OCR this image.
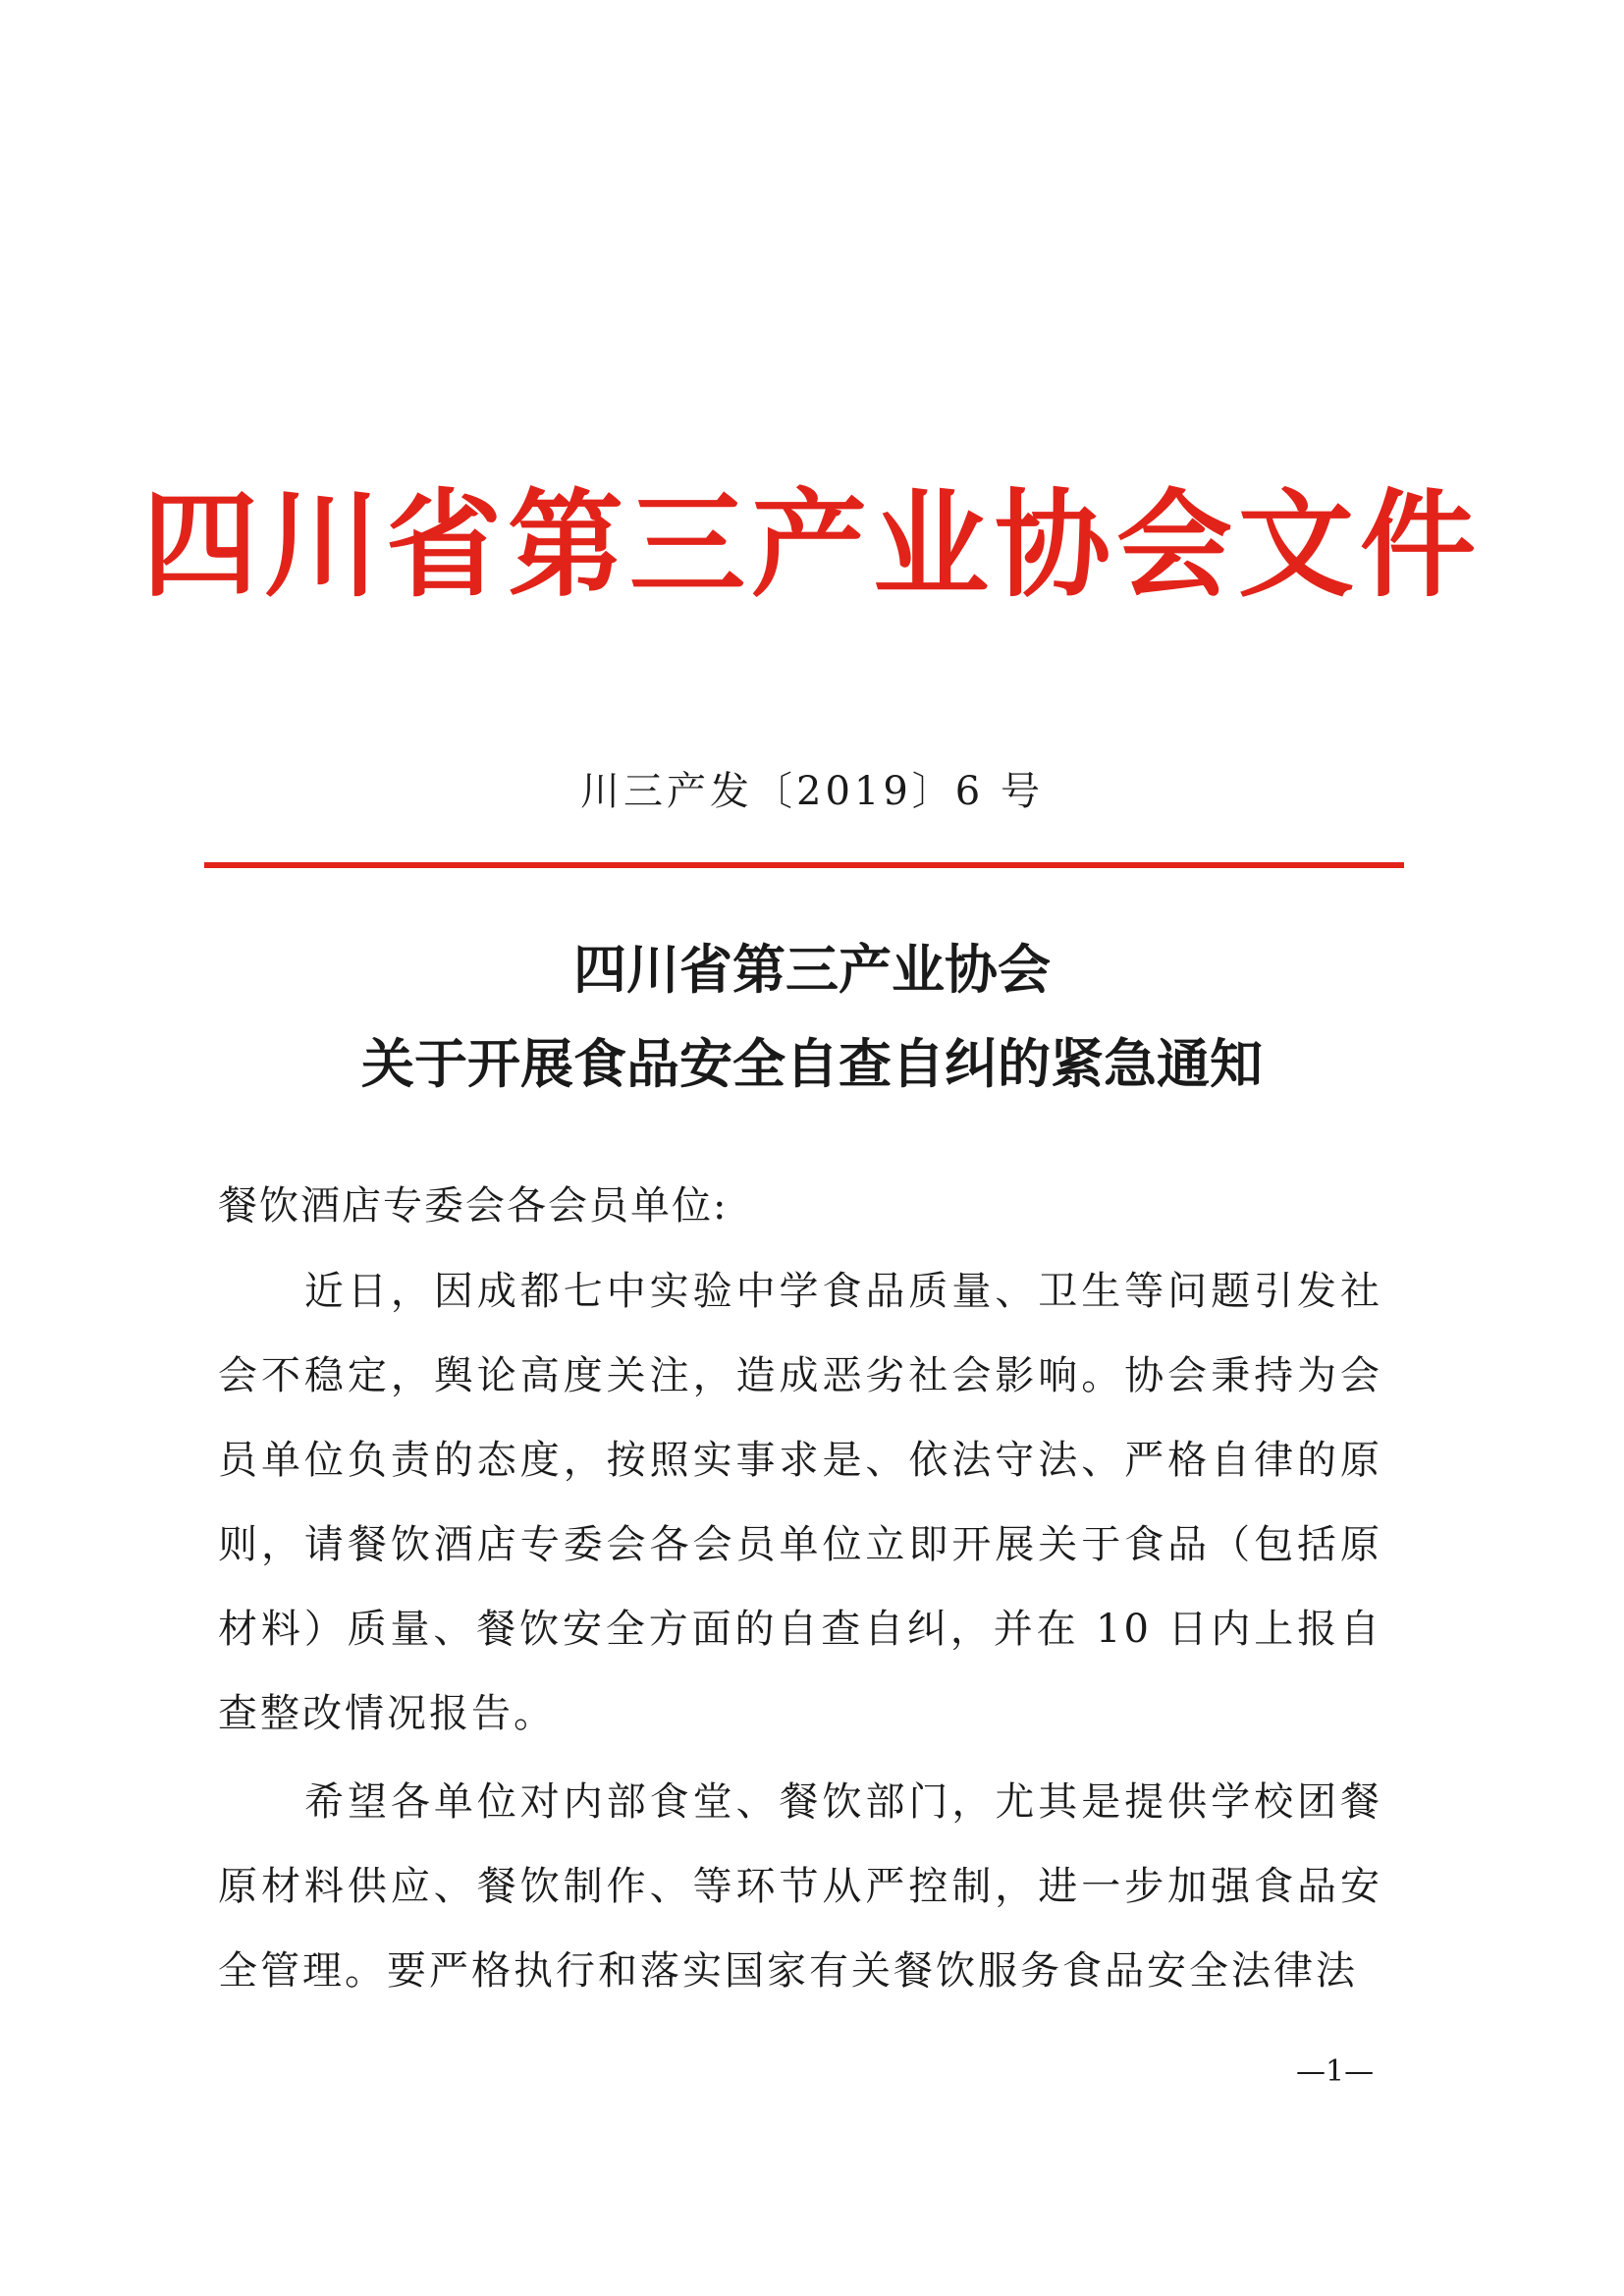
四川省第三产业协会文件
川三产发〔2019〕6 号
四川省第三产业协会
关于开展食品安全自查自纠的紧急通知
餐饮酒店专委会各会员单位:
近日，因成都七中实验中学食品质量、卫生等问题引发社会不稳定，舆论高度关注，造成恶劣社会影响。协会秉持为会员单位负责的态度，按照实事求是、依法守法、严格自律的原则，请餐饮酒店专委会各会员单位立即开展关于食品（包括原材料）质量、餐饮安全方面的自查自纠，并在 10 日内上报自查整改情况报告。
希望各单位对内部食堂、餐饮部门，尤其是提供学校团餐原材料供应、餐饮制作、等环节从严控制，进一步加强食品安全管理。要严格执行和落实国家有关餐饮服务食品安全法律法
—1—
